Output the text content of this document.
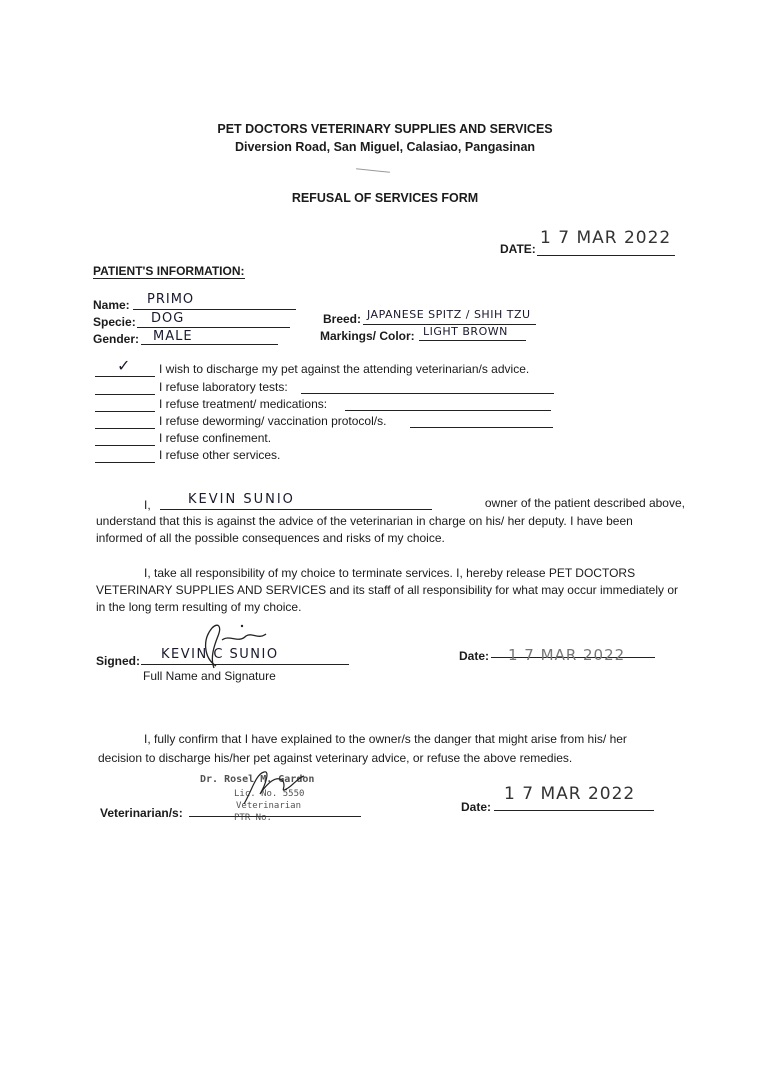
PET DOCTORS VETERINARY SUPPLIES AND SERVICES
Diversion Road, San Miguel, Calasiao, Pangasinan
REFUSAL OF SERVICES FORM
DATE:
1 7 MAR 2022
PATIENT'S INFORMATION:
Name: PRIMO
Specie: DOG
Gender: MALE
Breed: JAPANESE SPITZ / SHIH TZU
Markings/ Color: LIGHT BROWN
✓ I wish to discharge my pet against the attending veterinarian/s advice.
I refuse laboratory tests:
I refuse treatment/ medications:
I refuse deworming/ vaccination protocol/s.
I refuse confinement.
I refuse other services.
I,	KEVIN SUNIO	owner of the patient described above,
understand that this is against the advice of the veterinarian in charge on his/ her deputy. I have been
informed of all the possible consequences and risks of my choice.
I, take all responsibility of my choice to terminate services. I, hereby release PET DOCTORS
VETERINARY SUPPLIES AND SERVICES and its staff of all responsibility for what may occur immediately or
in the long term resulting of my choice.
Signed: KEVIN C SUNIO
Full Name and Signature
Date: 1 7 MAR 2022
I, fully confirm that I have explained to the owner/s the danger that might arise from his/ her
decision to discharge his/her pet against veterinary advice, or refuse the above remedies.
Veterinarian/s:
Dr. Rosel M. Gardon
Lic. No. 5550
Veterinarian
PTR No.
Date:
1 7 MAR 2022
